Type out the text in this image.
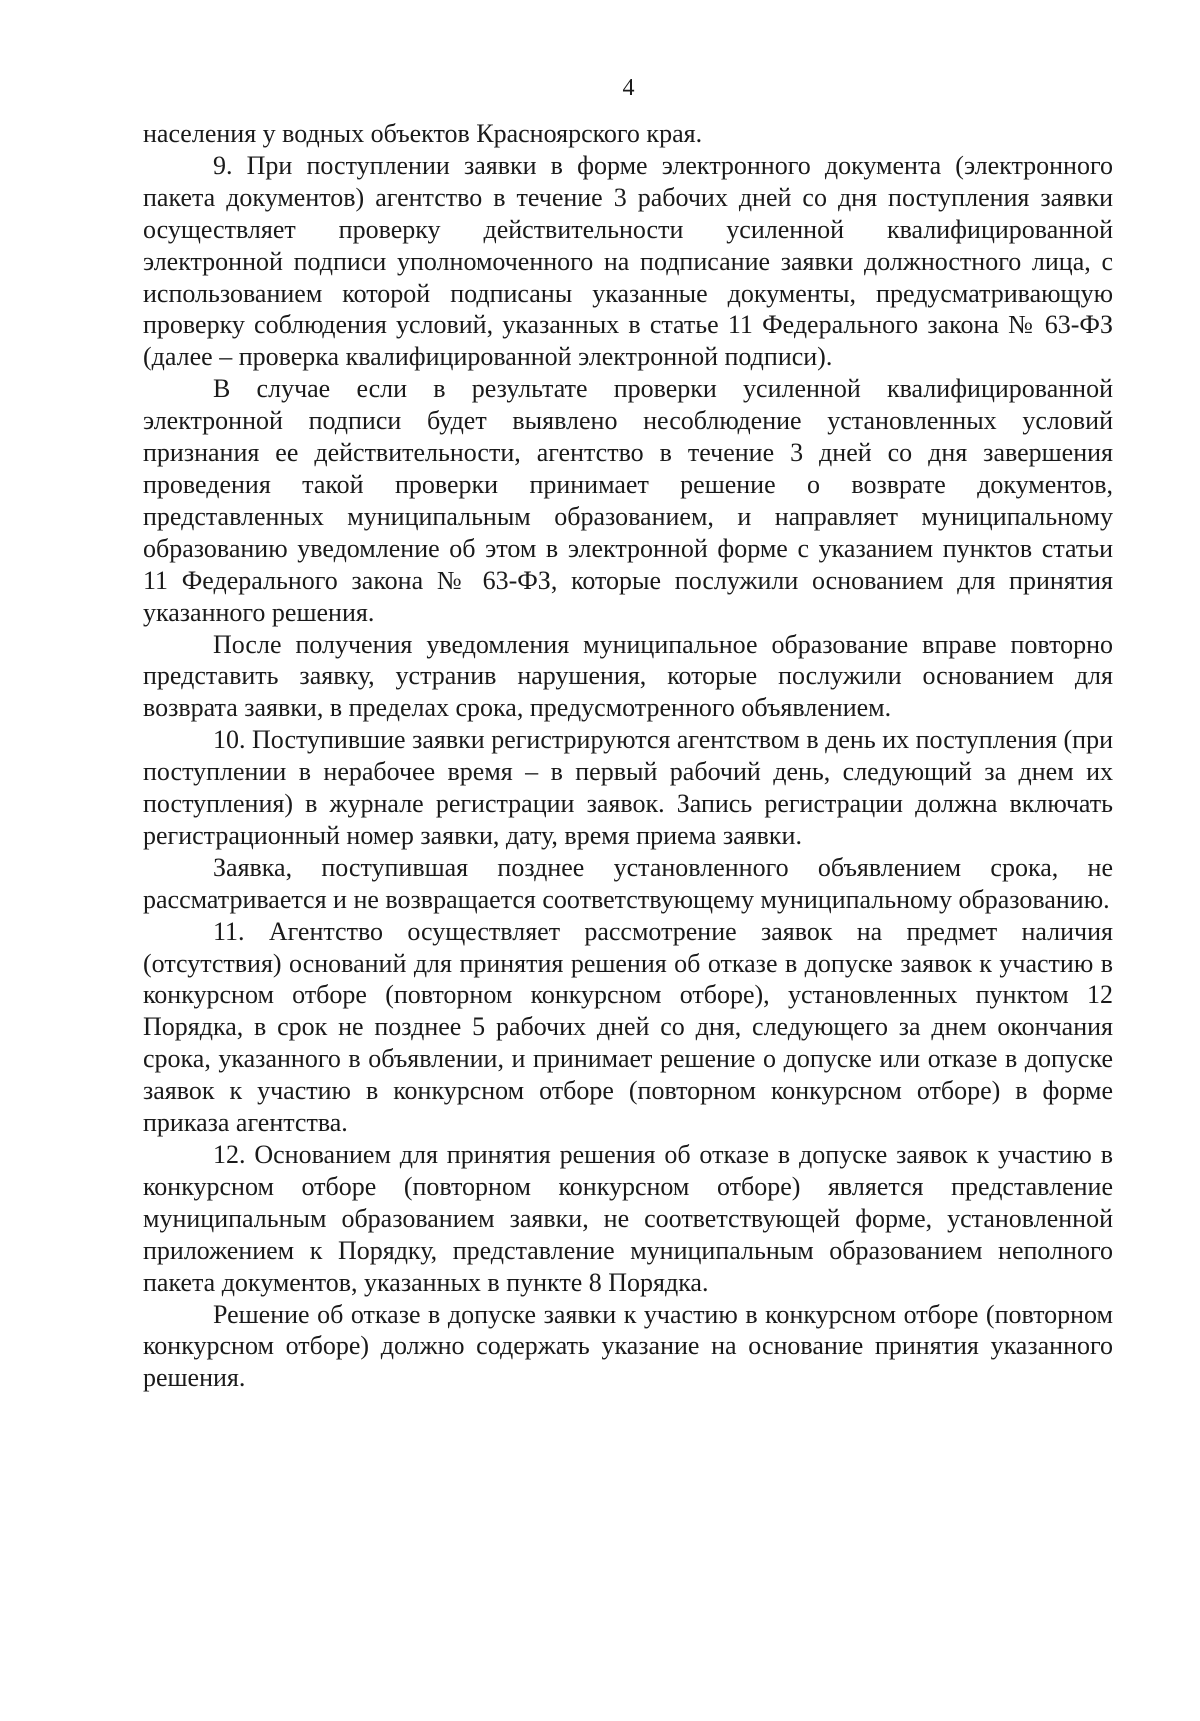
4

населения у водных объектов Красноярского края.

9. При поступлении заявки в форме электронного документа (электронного пакета документов) агентство в течение 3 рабочих дней со дня поступления заявки осуществляет проверку действительности усиленной квалифицированной электронной подписи уполномоченного на подписание заявки должностного лица, с использованием которой подписаны указанные документы, предусматривающую проверку соблюдения условий, указанных в статье 11 Федерального закона № 63-ФЗ (далее – проверка квалифицированной электронной подписи).

В случае если в результате проверки усиленной квалифицированной электронной подписи будет выявлено несоблюдение установленных условий признания ее действительности, агентство в течение 3 дней со дня завершения проведения такой проверки принимает решение о возврате документов, представленных муниципальным образованием, и направляет муниципальному образованию уведомление об этом в электронной форме с указанием пунктов статьи 11 Федерального закона № 63-ФЗ, которые послужили основанием для принятия указанного решения.

После получения уведомления муниципальное образование вправе повторно представить заявку, устранив нарушения, которые послужили основанием для возврата заявки, в пределах срока, предусмотренного объявлением.

10. Поступившие заявки регистрируются агентством в день их поступления (при поступлении в нерабочее время – в первый рабочий день, следующий за днем их поступления) в журнале регистрации заявок. Запись регистрации должна включать регистрационный номер заявки, дату, время приема заявки.

Заявка, поступившая позднее установленного объявлением срока, не рассматривается и не возвращается соответствующему муниципальному образованию.

11. Агентство осуществляет рассмотрение заявок на предмет наличия (отсутствия) оснований для принятия решения об отказе в допуске заявок к участию в конкурсном отборе (повторном конкурсном отборе), установленных пунктом 12 Порядка, в срок не позднее 5 рабочих дней со дня, следующего за днем окончания срока, указанного в объявлении, и принимает решение о допуске или отказе в допуске заявок к участию в конкурсном отборе (повторном конкурсном отборе) в форме приказа агентства.

12. Основанием для принятия решения об отказе в допуске заявок к участию в конкурсном отборе (повторном конкурсном отборе) является представление муниципальным образованием заявки, не соответствующей форме, установленной приложением к Порядку, представление муниципальным образованием неполного пакета документов, указанных в пункте 8 Порядка.

Решение об отказе в допуске заявки к участию в конкурсном отборе (повторном конкурсном отборе) должно содержать указание на основание принятия указанного решения.
